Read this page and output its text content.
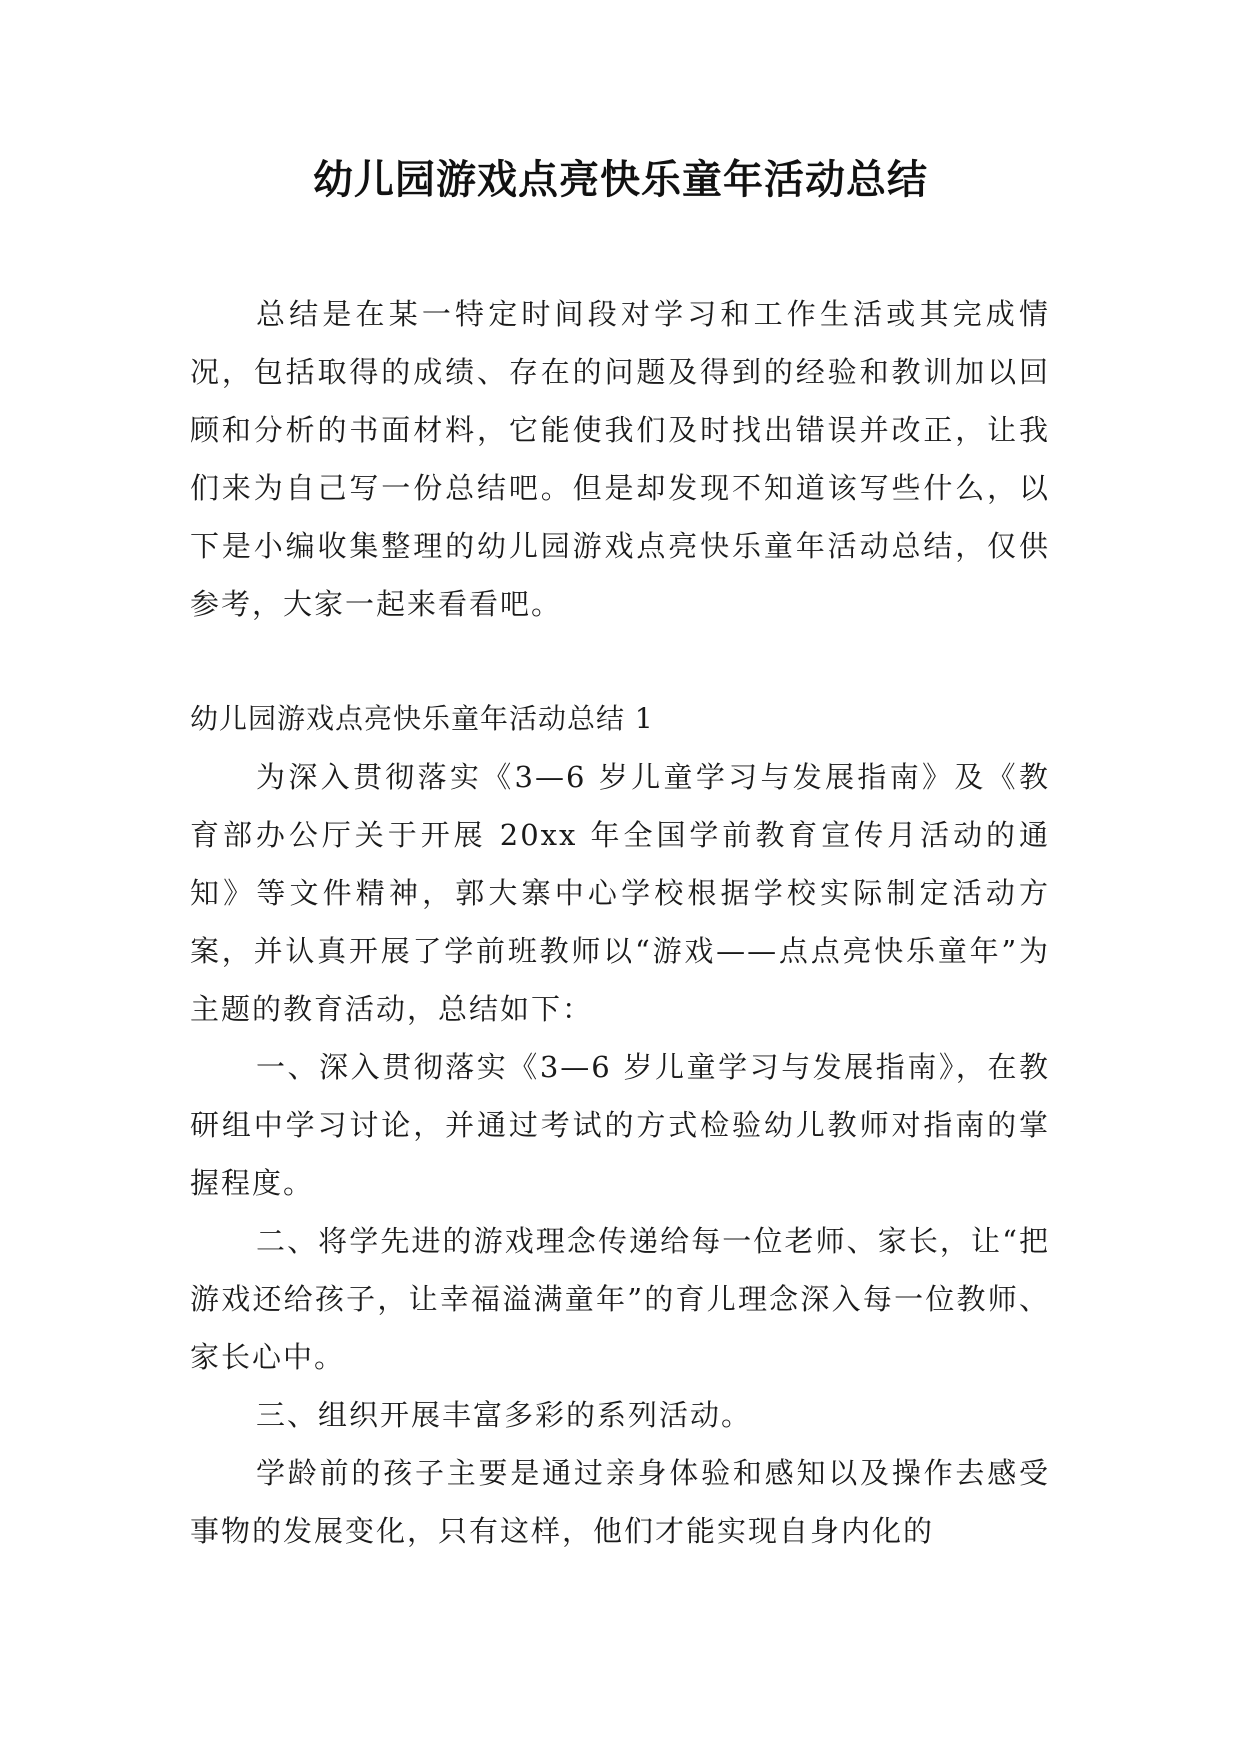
幼儿园游戏点亮快乐童年活动总结

总结是在某一特定时间段对学习和工作生活或其完成情况，包括取得的成绩、存在的问题及得到的经验和教训加以回顾和分析的书面材料，它能使我们及时找出错误并改正，让我们来为自己写一份总结吧。但是却发现不知道该写些什么，以下是小编收集整理的幼儿园游戏点亮快乐童年活动总结，仅供参考，大家一起来看看吧。

幼儿园游戏点亮快乐童年活动总结 1

为深入贯彻落实《3—6 岁儿童学习与发展指南》及《教育部办公厅关于开展 20xx 年全国学前教育宣传月活动的通知》等文件精神，郭大寨中心学校根据学校实际制定活动方案，并认真开展了学前班教师以“游戏——点点亮快乐童年”为主题的教育活动，总结如下：

一、深入贯彻落实《3—6 岁儿童学习与发展指南》，在教研组中学习讨论，并通过考试的方式检验幼儿教师对指南的掌握程度。

二、将学先进的游戏理念传递给每一位老师、家长，让“把游戏还给孩子，让幸福溢满童年”的育儿理念深入每一位教师、家长心中。

三、组织开展丰富多彩的系列活动。

学龄前的孩子主要是通过亲身体验和感知以及操作去感受事物的发展变化，只有这样，他们才能实现自身内化的
